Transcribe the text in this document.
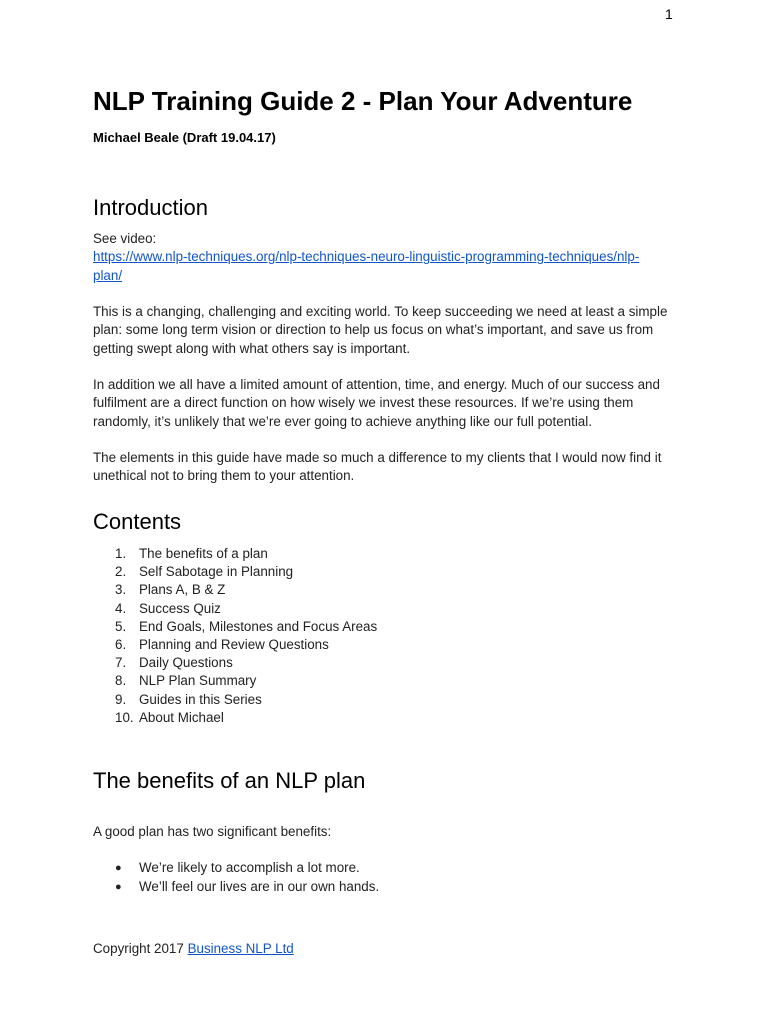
1
NLP Training Guide 2 - Plan Your Adventure

Michael Beale (Draft 19.04.17)

Introduction
See video:
https://www.nlp-techniques.org/nlp-techniques-neuro-linguistic-programming-techniques/nlp-
plan/

This is a changing, challenging and exciting world. To keep succeeding we need at least a simple plan: some long term vision or direction to help us focus on what’s important, and save us from getting swept along with what others say is important.

In addition we all have a limited amount of attention, time, and energy. Much of our success and fulfilment are a direct function on how wisely we invest these resources. If we’re using them randomly, it’s unlikely that we’re ever going to achieve anything like our full potential.

The elements in this guide have made so much a difference to my clients that I would now find it unethical not to bring them to your attention.

Contents
1. The benefits of a plan
2. Self Sabotage in Planning
3. Plans A, B & Z
4. Success Quiz
5. End Goals, Milestones and Focus Areas
6. Planning and Review Questions
7. Daily Questions
8. NLP Plan Summary
9. Guides in this Series
10. About Michael
The benefits of an NLP plan

A good plan has two significant benefits:

●	We’re likely to accomplish a lot more.
●	We’ll feel our lives are in our own hands.
Copyright 2017 Business NLP Ltd
